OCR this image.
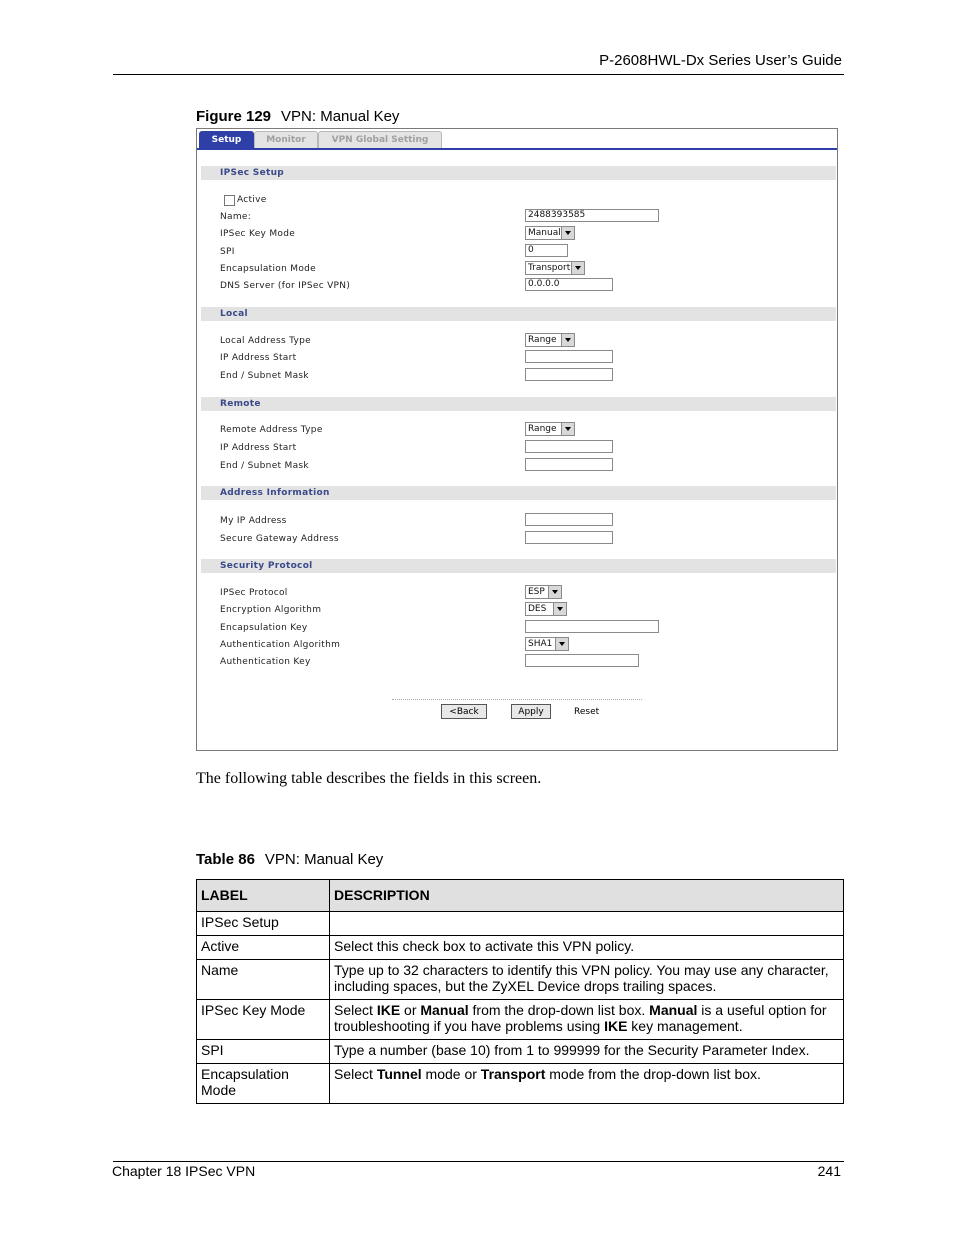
P-2608HWL-Dx Series User’s Guide
Figure 129 VPN: Manual Key
Setup	Monitor	VPN Global Setting
IPSec Setup
Active
Name:	2488393585
IPSec Key Mode	Manual
SPI	0
Encapsulation Mode	Transport
DNS Server (for IPSec VPN)	0.0.0.0
Local
Local Address Type	Range
IP Address Start
End / Subnet Mask
Remote
Remote Address Type	Range
IP Address Start
End / Subnet Mask
Address Information
My IP Address
Secure Gateway Address
Security Protocol
IPSec Protocol	ESP
Encryption Algorithm	DES
Encapsulation Key
Authentication Algorithm	SHA1
Authentication Key
<Back	Apply	Reset
The following table describes the fields in this screen.
Table 86 VPN: Manual Key
LABEL	DESCRIPTION
IPSec Setup	
Active	Select this check box to activate this VPN policy.
Name	Type up to 32 characters to identify this VPN policy. You may use any character, including spaces, but the ZyXEL Device drops trailing spaces.
IPSec Key Mode	Select IKE or Manual from the drop-down list box. Manual is a useful option for troubleshooting if you have problems using IKE key management.
SPI	Type a number (base 10) from 1 to 999999 for the Security Parameter Index.
Encapsulation Mode	Select Tunnel mode or Transport mode from the drop-down list box.
Chapter 18 IPSec VPN	241
